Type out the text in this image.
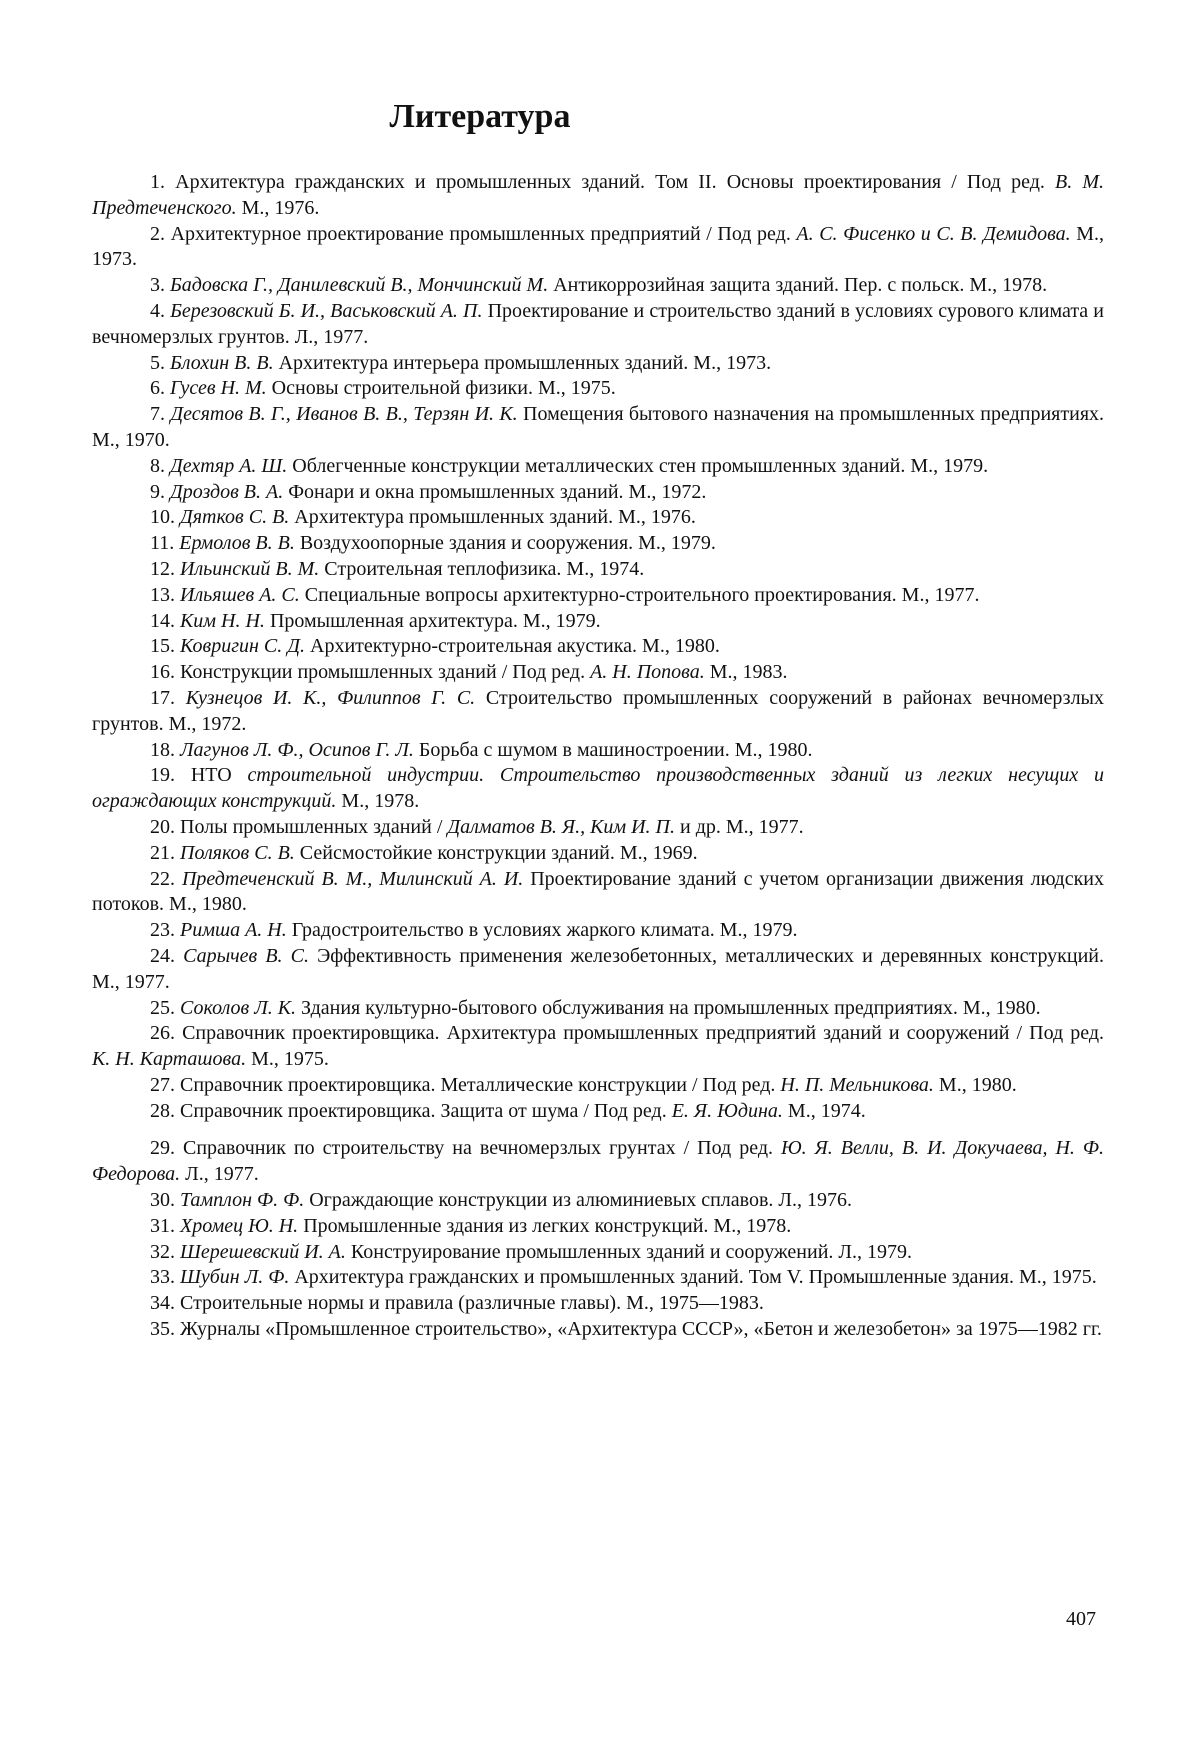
Литература

1. Архитектура гражданских и промышленных зданий. Том II. Основы проектирования / Под ред. В. М. Предтеченского. М., 1976.

2. Архитектурное проектирование промышленных предприятий / Под ред. А. С. Фисенко и С. В. Демидова. М., 1973.

3. Бадовска Г., Данилевский В., Мончинский М. Антикоррозийная защита зданий. Пер. с польск. М., 1978.

4. Березовский Б. И., Васьковский А. П. Проектирование и строительство зданий в условиях сурового климата и вечномерзлых грунтов. Л., 1977.

5. Блохин В. В. Архитектура интерьера промышленных зданий. М., 1973.

6. Гусев Н. М. Основы строительной физики. М., 1975.

7. Десятов В. Г., Иванов В. В., Терзян И. К. Помещения бытового назначения на промышленных предприятиях. М., 1970.

8. Дехтяр А. Ш. Облегченные конструкции металлических стен промышленных зданий. М., 1979.

9. Дроздов В. А. Фонари и окна промышленных зданий. М., 1972.

10. Дятков С. В. Архитектура промышленных зданий. М., 1976.

11. Ермолов В. В. Воздухоопорные здания и сооружения. М., 1979.

12. Ильинский В. М. Строительная теплофизика. М., 1974.

13. Ильяшев А. С. Специальные вопросы архитектурно-строительного проектирования. М., 1977.

14. Ким Н. Н. Промышленная архитектура. М., 1979.

15. Ковригин С. Д. Архитектурно-строительная акустика. М., 1980.

16. Конструкции промышленных зданий / Под ред. А. Н. Попова. М., 1983.

17. Кузнецов И. К., Филиппов Г. С. Строительство промышленных сооружений в районах вечномерзлых грунтов. М., 1972.

18. Лагунов Л. Ф., Осипов Г. Л. Борьба с шумом в машиностроении. М., 1980.

19. НТО строительной индустрии. Строительство производственных зданий из легких несущих и ограждающих конструкций. М., 1978.

20. Полы промышленных зданий / Далматов В. Я., Ким И. П. и др. М., 1977.

21. Поляков С. В. Сейсмостойкие конструкции зданий. М., 1969.

22. Предтеченский В. М., Милинский А. И. Проектирование зданий с учетом организации движения людских потоков. М., 1980.

23. Римша А. Н. Градостроительство в условиях жаркого климата. М., 1979.

24. Сарычев В. С. Эффективность применения железобетонных, металлических и деревянных конструкций. М., 1977.

25. Соколов Л. К. Здания культурно-бытового обслуживания на промышленных предприятиях. М., 1980.

26. Справочник проектировщика. Архитектура промышленных предприятий зданий и сооружений / Под ред. К. Н. Карташова. М., 1975.

27. Справочник проектировщика. Металлические конструкции / Под ред. Н. П. Мельникова. М., 1980.

28. Справочник проектировщика. Защита от шума / Под ред. Е. Я. Юдина. М., 1974.

29. Справочник по строительству на вечномерзлых грунтах / Под ред. Ю. Я. Велли, В. И. Докучаева, Н. Ф. Федорова. Л., 1977.

30. Тамплон Ф. Ф. Ограждающие конструкции из алюминиевых сплавов. Л., 1976.

31. Хромец Ю. Н. Промышленные здания из легких конструкций. М., 1978.

32. Шерешевский И. А. Конструирование промышленных зданий и сооружений. Л., 1979.

33. Шубин Л. Ф. Архитектура гражданских и промышленных зданий. Том V. Промышленные здания. М., 1975.

34. Строительные нормы и правила (различные главы). М., 1975—1983.

35. Журналы «Промышленное строительство», «Архитектура СССР», «Бетон и железобетон» за 1975—1982 гг.

407
